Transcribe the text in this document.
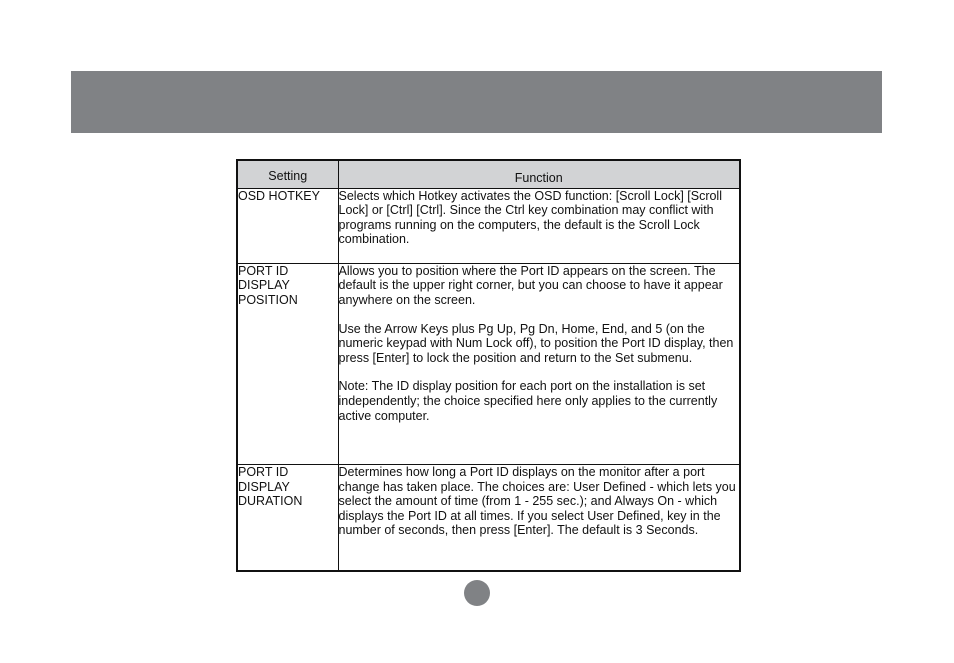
Setting	Function
OSD HOTKEY	Selects which Hotkey activates the OSD function: [Scroll Lock] [Scroll Lock] or [Ctrl] [Ctrl]. Since the Ctrl key combination may conflict with programs running on the computers, the default is the Scroll Lock combination.

PORT ID DISPLAY POSITION	Allows you to position where the Port ID appears on the screen. The default is the upper right corner, but you can choose to have it appear anywhere on the screen.

Use the Arrow Keys plus Pg Up, Pg Dn, Home, End, and 5 (on the numeric keypad with Num Lock off), to position the Port ID display, then press [Enter] to lock the position and return to the Set submenu.

Note: The ID display position for each port on the installation is set independently; the choice specified here only applies to the currently active computer.

PORT ID DISPLAY DURATION	Determines how long a Port ID displays on the monitor after a port change has taken place. The choices are: User Defined - which lets you select the amount of time (from 1 - 255 sec.); and Always On - which displays the Port ID at all times. If you select User Defined, key in the number of seconds, then press [Enter]. The default is 3 Seconds.
